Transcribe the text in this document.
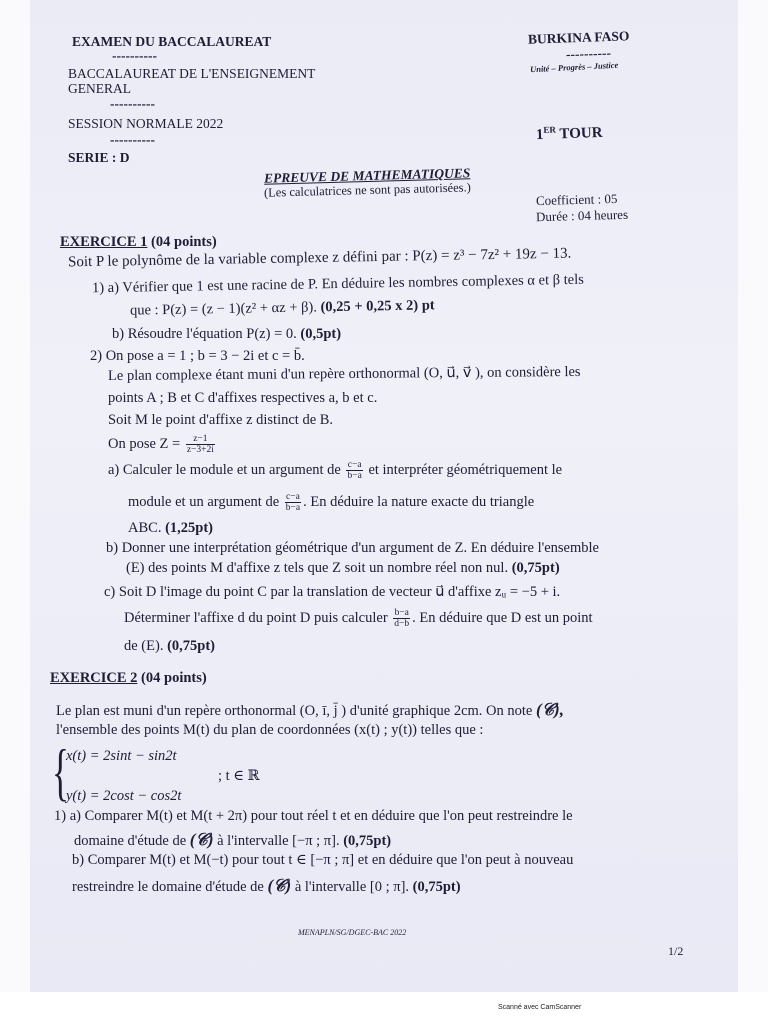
EXAMEN DU BACCALAUREAT
----------
BACCALAUREAT DE L'ENSEIGNEMENT
GENERAL
----------
SESSION NORMALE 2022
----------
SERIE : D
BURKINA FASO
----------
Unité – Progrès – Justice
1ER TOUR
EPREUVE DE MATHEMATIQUES
(Les calculatrices ne sont pas autorisées.)	Coefficient : 05
Durée : 04 heures
EXERCICE 1 (04 points)
Soit P le polynôme de la variable complexe z défini par : P(z) = z³ − 7z² + 19z − 13.
1) a) Vérifier que 1 est une racine de P. En déduire les nombres complexes α et β tels
que : P(z) = (z − 1)(z² + αz + β). (0,25 + 0,25 x 2) pt
b) Résoudre l'équation P(z) = 0. (0,5pt)
2) On pose a = 1 ; b = 3 − 2i et c = b̄.
Le plan complexe étant muni d'un repère orthonormal (O, u⃗, v⃗ ), on considère les
points A ; B et C d'affixes respectives a, b et c.
Soit M le point d'affixe z distinct de B.
On pose $Z = \frac{z-1}{z-3+2i}$
a) Calculer le module et un argument de $\frac{c-a}{b-a}$ et interpréter géométriquement le
module et un argument de $\frac{c-a}{b-a}$ . En déduire la nature exacte du triangle
ABC. (1,25pt)
b) Donner une interprétation géométrique d'un argument de Z. En déduire l'ensemble
(E) des points M d'affixe z tels que Z soit un nombre réel non nul. (0,75pt)
c) Soit D l'image du point C par la translation de vecteur u⃗ d'affixe zᵤ = −5 + i.
Déterminer l'affixe d du point D puis calculer $\frac{b-a}{d-b}$ . En déduire que D est un point
de (E). (0,75pt)
EXERCICE 2 (04 points)
Le plan est muni d'un repère orthonormal (O, ī, j̄ ) d'unité graphique 2cm. On note (𝒞),
l'ensemble des points M(t) du plan de coordonnées (x(t) ; y(t)) telles que :
{
x(t) = 2sint − sin2t
; t ∈ ℝ
y(t) = 2cost − cos2t
1) a) Comparer M(t) et M(t + 2π) pour tout réel t et en déduire que l'on peut restreindre le
domaine d'étude de (𝒞) à l'intervalle [−π ; π]. (0,75pt)
b) Comparer M(t) et M(−t) pour tout t ∈ [−π ; π] et en déduire que l'on peut à nouveau
restreindre le domaine d'étude de (𝒞) à l'intervalle [0 ; π]. (0,75pt)
MENAPLN/SG/DGEC-BAC 2022
1/2
Scanné avec CamScanner
